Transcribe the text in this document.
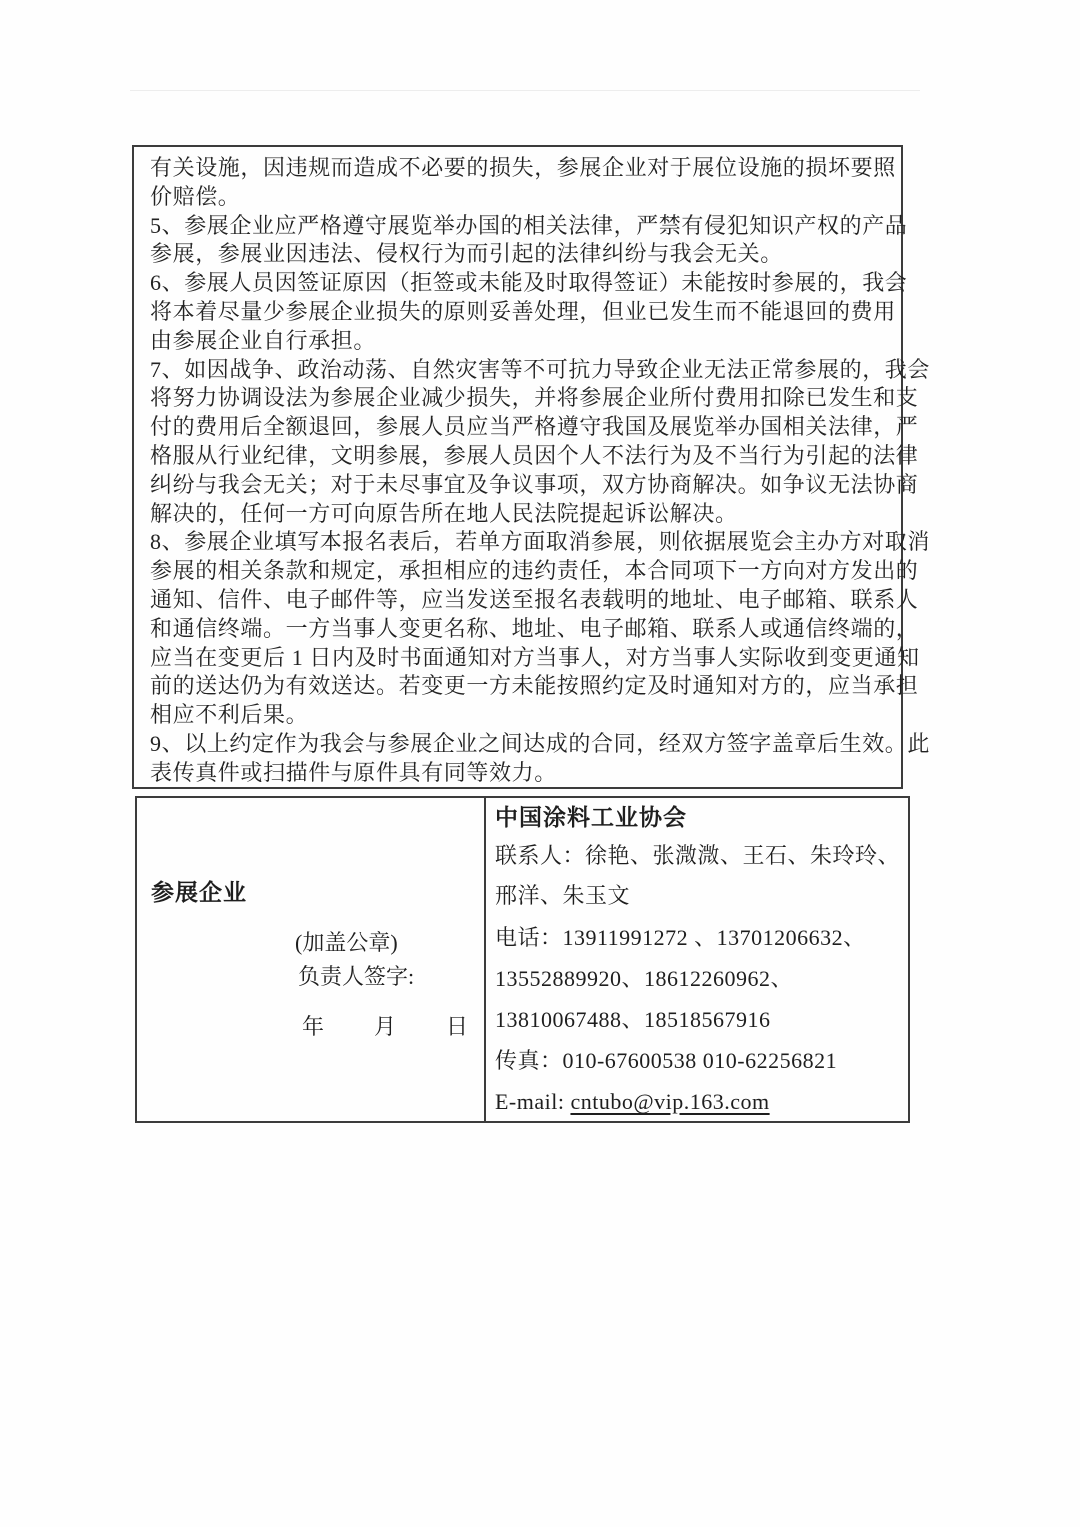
有关设施，因违规而造成不必要的损失，参展企业对于展位设施的损坏要照
价赔偿。
5、参展企业应严格遵守展览举办国的相关法律，严禁有侵犯知识产权的产品
参展，参展业因违法、侵权行为而引起的法律纠纷与我会无关。
6、参展人员因签证原因（拒签或未能及时取得签证）未能按时参展的，我会
将本着尽量少参展企业损失的原则妥善处理，但业已发生而不能退回的费用
由参展企业自行承担。
7、如因战争、政治动荡、自然灾害等不可抗力导致企业无法正常参展的，我会
将努力协调设法为参展企业减少损失，并将参展企业所付费用扣除已发生和支
付的费用后全额退回，参展人员应当严格遵守我国及展览举办国相关法律，严
格服从行业纪律，文明参展，参展人员因个人不法行为及不当行为引起的法律
纠纷与我会无关；对于未尽事宜及争议事项，双方协商解决。如争议无法协商
解决的，任何一方可向原告所在地人民法院提起诉讼解决。
8、参展企业填写本报名表后，若单方面取消参展，则依据展览会主办方对取消
参展的相关条款和规定，承担相应的违约责任，本合同项下一方向对方发出的
通知、信件、电子邮件等，应当发送至报名表载明的地址、电子邮箱、联系人
和通信终端。一方当事人变更名称、地址、电子邮箱、联系人或通信终端的，
应当在变更后 1 日内及时书面通知对方当事人，对方当事人实际收到变更通知
前的送达仍为有效送达。若变更一方未能按照约定及时通知对方的，应当承担
相应不利后果。
9、以上约定作为我会与参展企业之间达成的合同，经双方签字盖章后生效。此
表传真件或扫描件与原件具有同等效力。
参展企业
(加盖公章)
负责人签字:
年　　月　　日
中国涂料工业协会
联系人：徐艳、张溦溦、王石、朱玲玲、
邢洋、朱玉文
电话：13911991272 、13701206632、
13552889920、18612260962、
13810067488、18518567916
传真：010-67600538 010-62256821
E-mail: cntubo@vip.163.com
